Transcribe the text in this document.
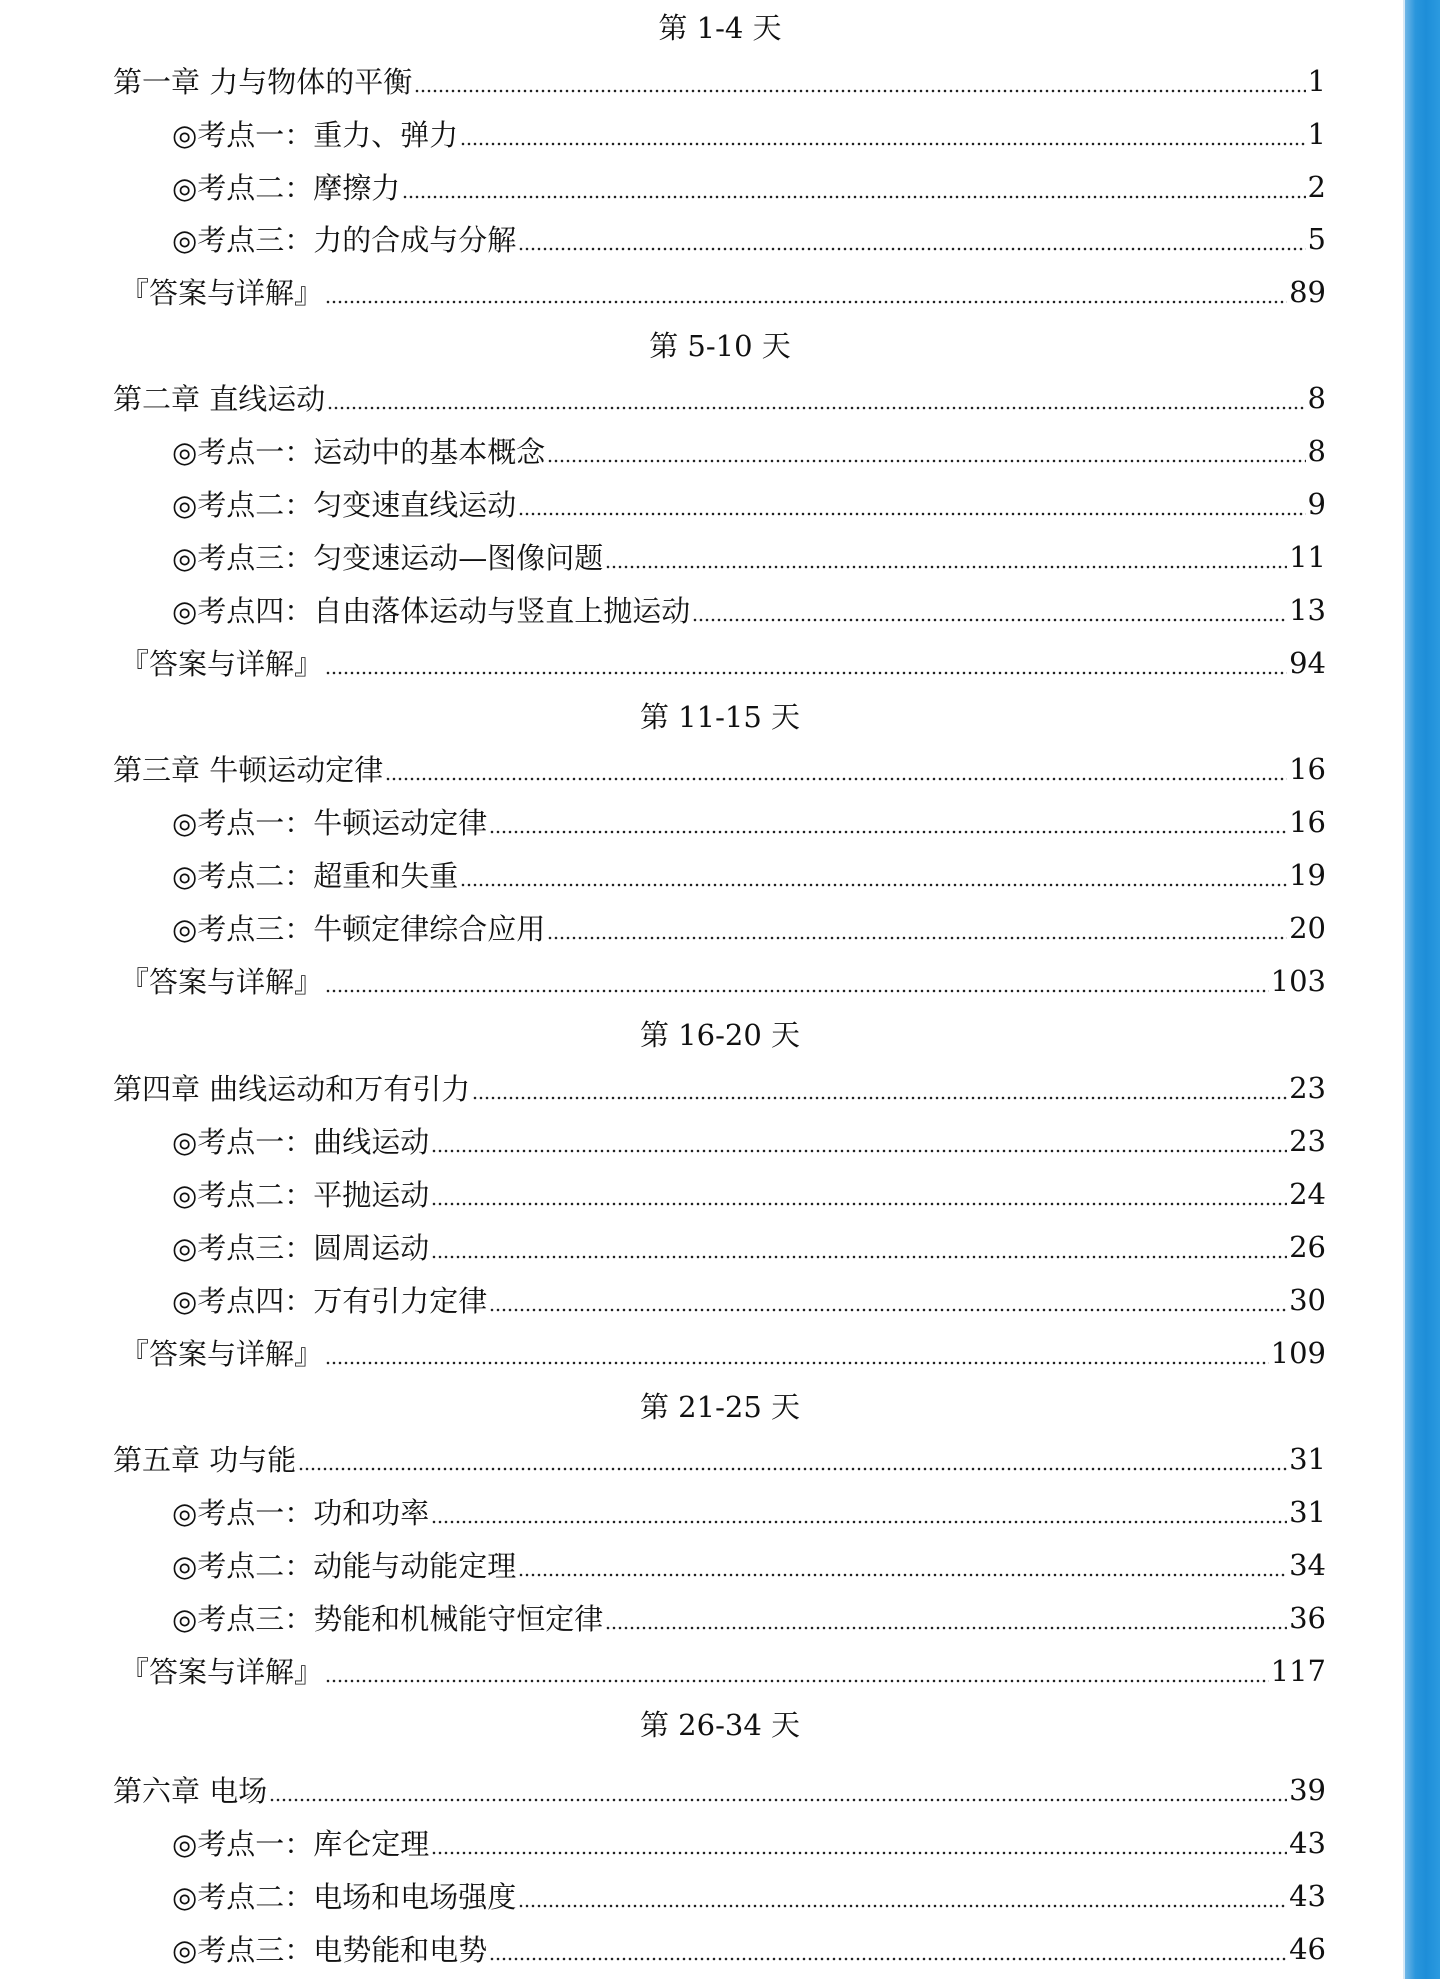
第 1-4 天
第一章 力与物体的平衡	1
◎考点一：重力、弹力	1
◎考点二：摩擦力	2
◎考点三：力的合成与分解	5
『答案与详解』	89
第 5-10 天
第二章 直线运动	8
◎考点一：运动中的基本概念	8
◎考点二：匀变速直线运动	9
◎考点三：匀变速运动—图像问题	11
◎考点四：自由落体运动与竖直上抛运动	13
『答案与详解』	94
第 11-15 天
第三章 牛顿运动定律	16
◎考点一：牛顿运动定律	16
◎考点二：超重和失重	19
◎考点三：牛顿定律综合应用	20
『答案与详解』	103
第 16-20 天
第四章 曲线运动和万有引力	23
◎考点一：曲线运动	23
◎考点二：平抛运动	24
◎考点三：圆周运动	26
◎考点四：万有引力定律	30
『答案与详解』	109
第 21-25 天
第五章 功与能	31
◎考点一：功和功率	31
◎考点二：动能与动能定理	34
◎考点三：势能和机械能守恒定律	36
『答案与详解』	117
第 26-34 天
第六章 电场	39
◎考点一：库仑定理	43
◎考点二：电场和电场强度	43
◎考点三：电势能和电势	46
